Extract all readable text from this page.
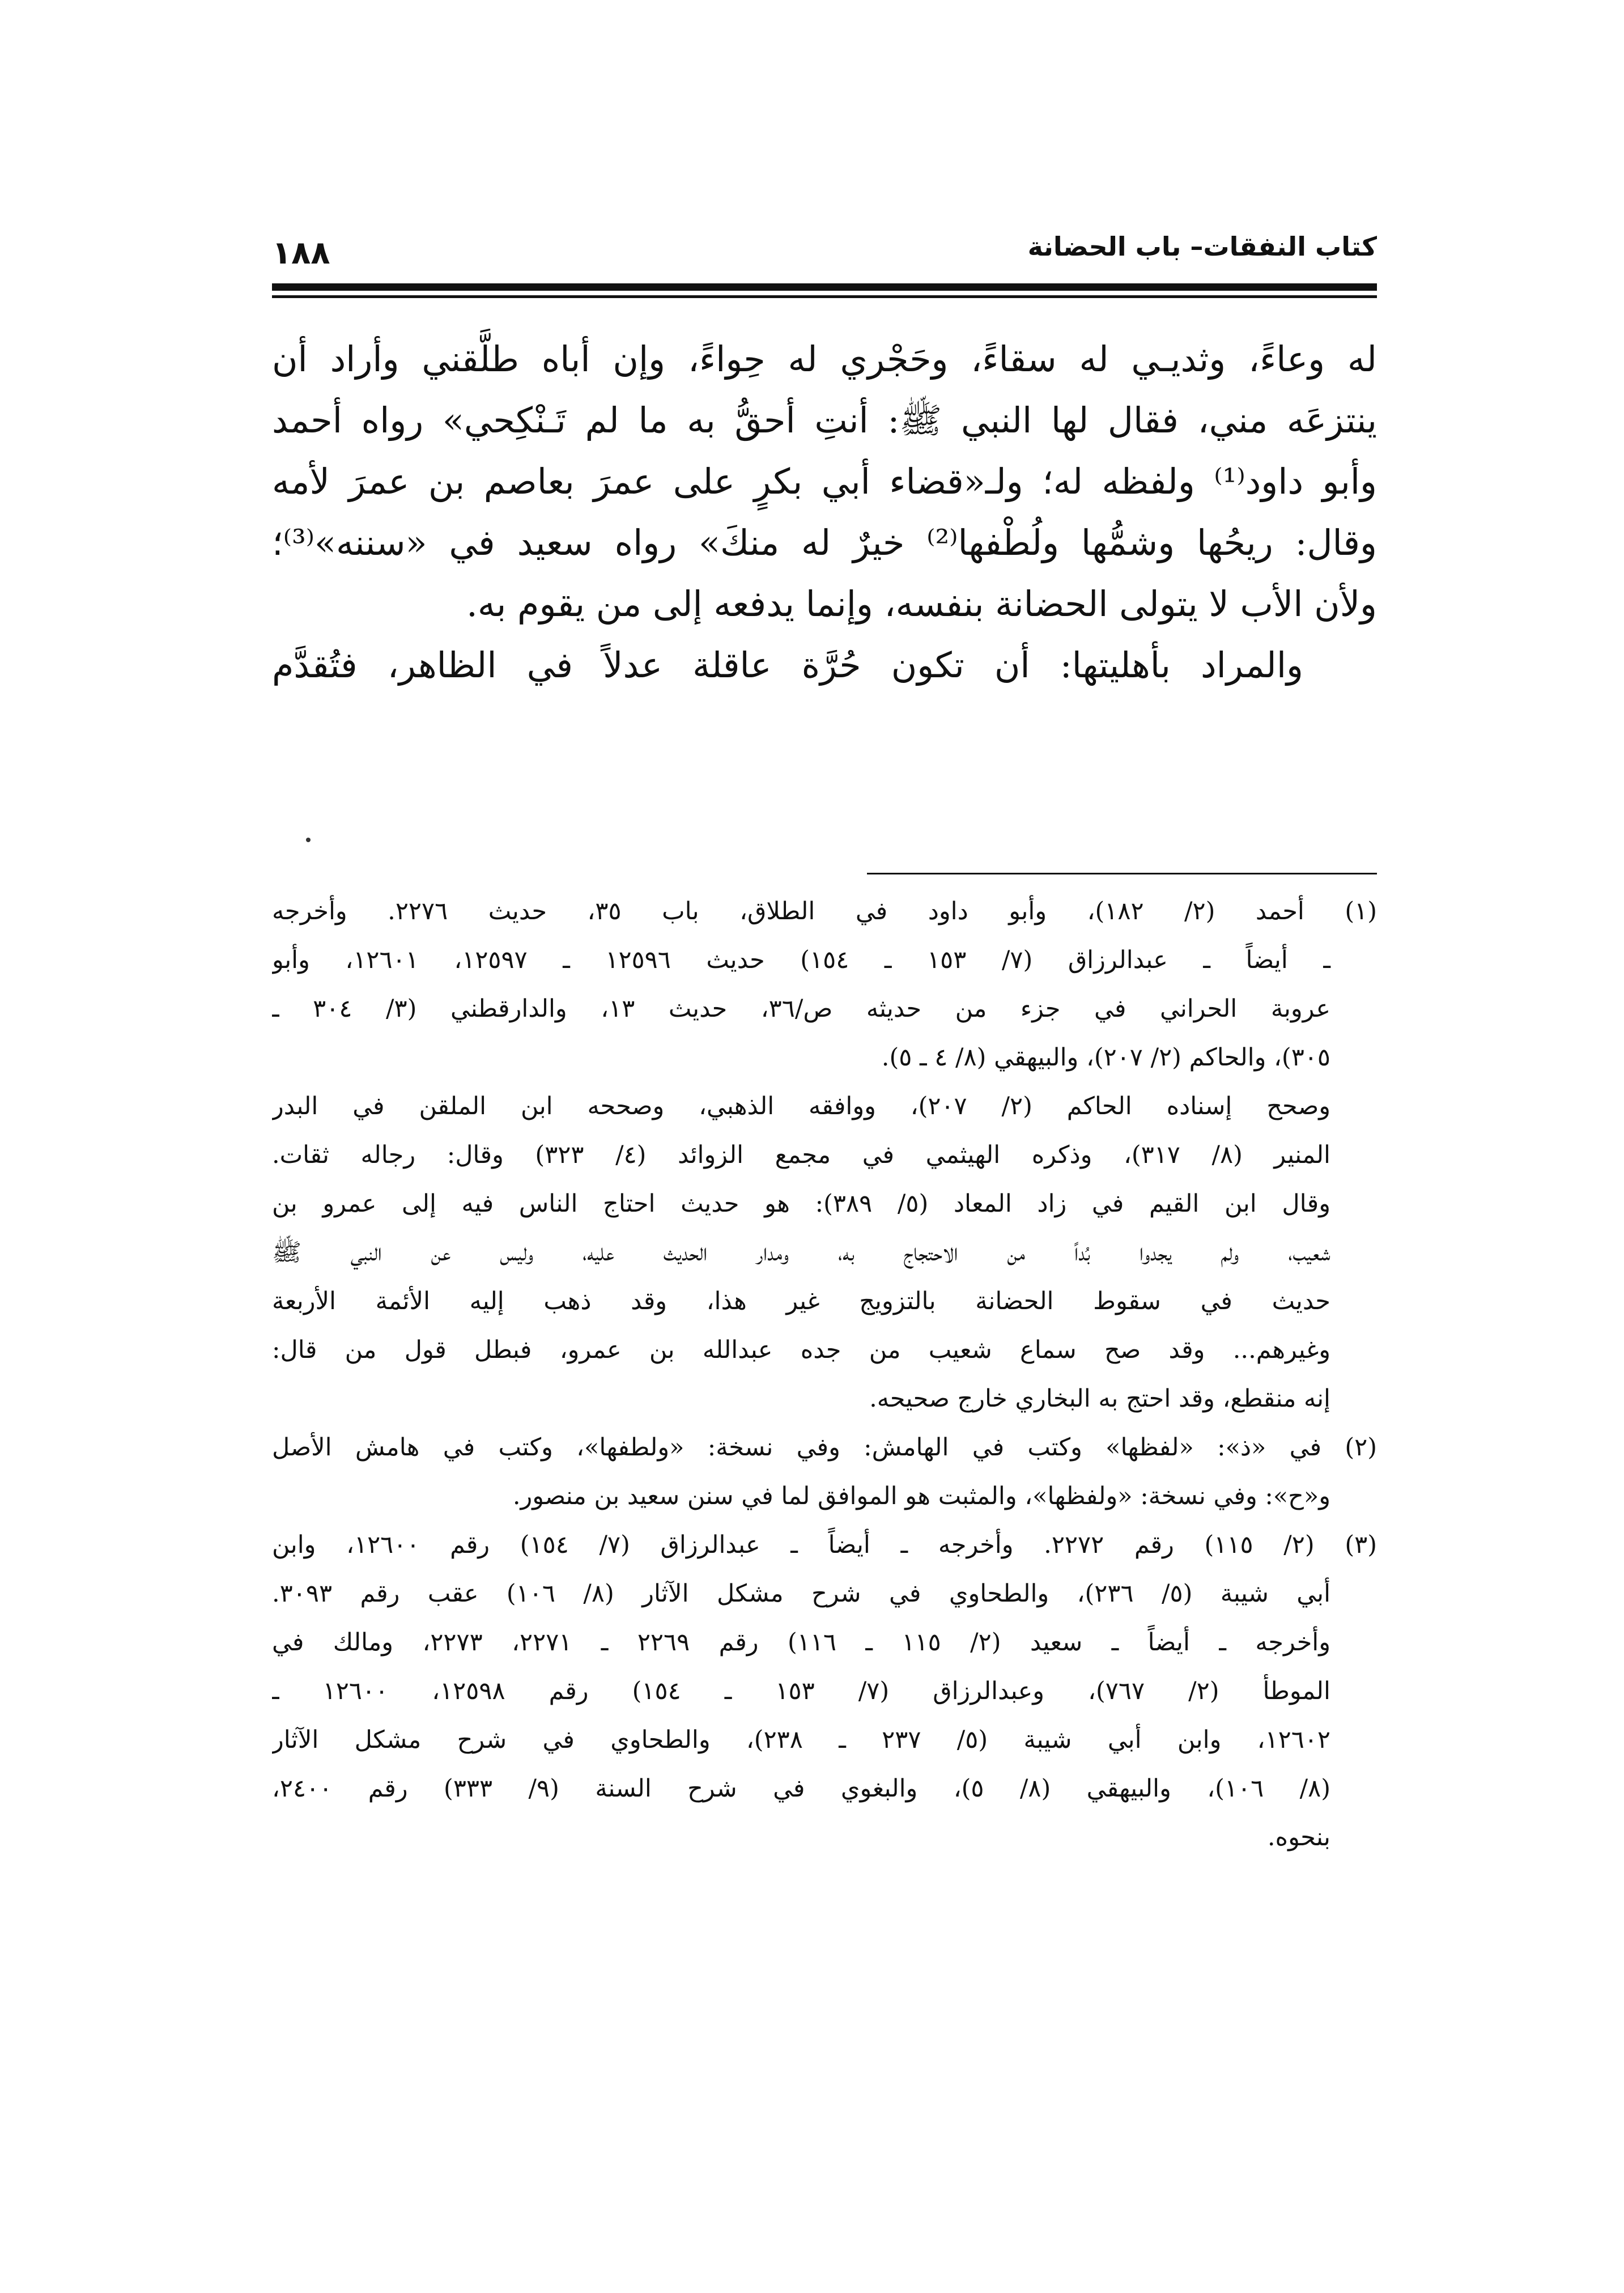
كتاب النفقات– باب الحضانة
١٨٨
له وعاءً، وثديـي له سقاءً، وحَجْري له حِواءً، وإن أباه طلَّقني وأراد أن
ينتزعَه مني، فقال لها النبي ﷺ: أنتِ أحقُّ به ما لم تَـنْكِحي» رواه أحمد
وأبو داود⁽¹⁾ ولفظه له؛ ولـ«قضاء أبي بكرٍ على عمرَ بعاصم بن عمرَ لأمه
وقال: ريحُها وشمُّها ولُطْفها⁽²⁾ خيرٌ له منكَ» رواه سعيد في «سننه»⁽³⁾؛
ولأن الأب لا يتولى الحضانة بنفسه، وإنما يدفعه إلى من يقوم به.
والمراد بأهليتها: أن تكون حُرَّة عاقلة عدلاً في الظاهر، فتُقدَّم
(١) أحمد (٢/ ١٨٢)، وأبو داود في الطلاق، باب ٣٥، حديث ٢٢٧٦. وأخرجه
ـ أيضاً ـ عبدالرزاق (٧/ ١٥٣ ـ ١٥٤) حديث ١٢٥٩٦ ـ ١٢٥٩٧، ١٢٦٠١، وأبو
عروبة الحراني في جزء من حديثه ص/٣٦، حديث ١٣، والدارقطني (٣/ ٣٠٤ ـ
٣٠٥)، والحاكم (٢/ ٢٠٧)، والبيهقي (٨/ ٤ ـ ٥).
وصحح إسناده الحاكم (٢/ ٢٠٧)، ووافقه الذهبي، وصححه ابن الملقن في البدر
المنير (٨/ ٣١٧)، وذكره الهيثمي في مجمع الزوائد (٤/ ٣٢٣) وقال: رجاله ثقات.
وقال ابن القيم في زاد المعاد (٥/ ٣٨٩): هو حديث احتاج الناس فيه إلى عمرو بن
شعيب، ولم يجدوا بُداً من الاحتجاج به، ومدار الحديث عليه، وليس عن النبي ﷺ
حديث في سقوط الحضانة بالتزويج غير هذا، وقد ذهب إليه الأئمة الأربعة
وغيرهم... وقد صح سماع شعيب من جده عبدالله بن عمرو، فبطل قول من قال:
إنه منقطع، وقد احتج به البخاري خارج صحيحه.
(٢) في «ذ»: «لفظها» وكتب في الهامش: وفي نسخة: «ولطفها»، وكتب في هامش الأصل
و«ح»: وفي نسخة: «ولفظها»، والمثبت هو الموافق لما في سنن سعيد بن منصور.
(٣) (٢/ ١١٥) رقم ٢٢٧٢. وأخرجه ـ أيضاً ـ عبدالرزاق (٧/ ١٥٤) رقم ١٢٦٠٠، وابن
أبي شيبة (٥/ ٢٣٦)، والطحاوي في شرح مشكل الآثار (٨/ ١٠٦) عقب رقم ٣٠٩٣.
وأخرجه ـ أيضاً ـ سعيد (٢/ ١١٥ ـ ١١٦) رقم ٢٢٦٩ ـ ٢٢٧١، ٢٢٧٣، ومالك في
الموطأ (٢/ ٧٦٧)، وعبدالرزاق (٧/ ١٥٣ ـ ١٥٤) رقم ١٢٥٩٨، ١٢٦٠٠ ـ
١٢٦٠٢، وابن أبي شيبة (٥/ ٢٣٧ ـ ٢٣٨)، والطحاوي في شرح مشكل الآثار
(٨/ ١٠٦)، والبيهقي (٨/ ٥)، والبغوي في شرح السنة (٩/ ٣٣٣) رقم ٢٤٠٠،
بنحوه.
